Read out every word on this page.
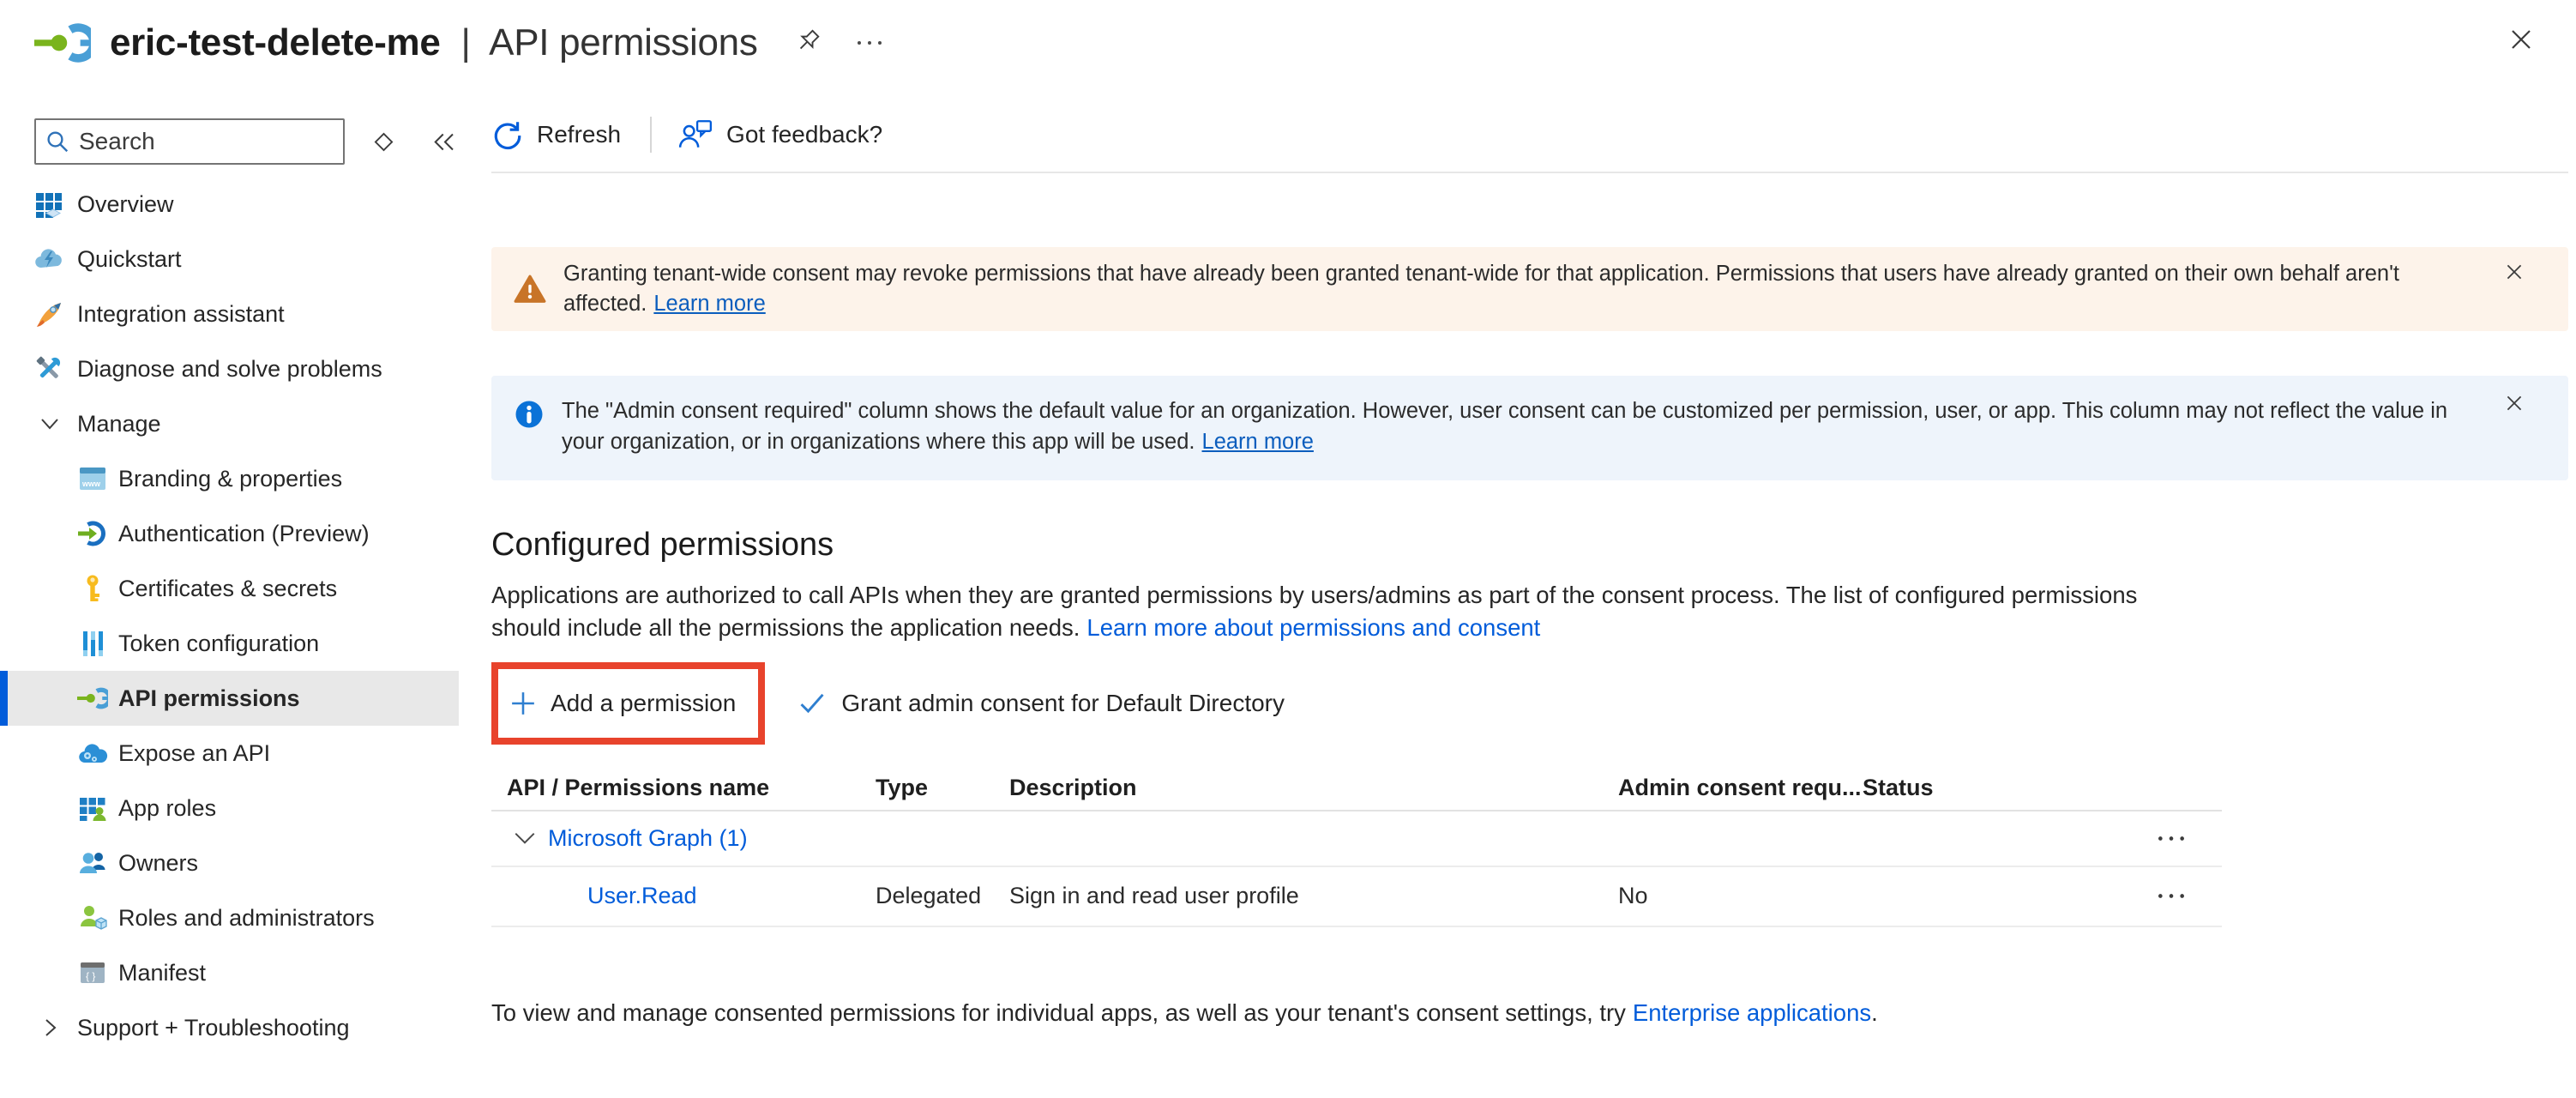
eric-test-delete-me | API permissions
Search
Overview
Quickstart
Integration assistant
Diagnose and solve problems
Manage
www Branding & properties
Authentication (Preview)
Certificates & secrets
Token configuration
API permissions
Expose an API
App roles
Owners
Roles and administrators
{ } Manifest
Support + Troubleshooting
Refresh	Got feedback?
Granting tenant-wide consent may revoke permissions that have already been granted tenant-wide for that application. Permissions that users have already granted on their own behalf aren't affected. Learn more
The "Admin consent required" column shows the default value for an organization. However, user consent can be customized per permission, user, or app. This column may not reflect the value in your organization, or in organizations where this app will be used. Learn more
Configured permissions
Applications are authorized to call APIs when they are granted permissions by users/admins as part of the consent process. The list of configured permissions should include all the permissions the application needs. Learn more about permissions and consent
Add a permission	Grant admin consent for Default Directory
API / Permissions name	Type	Description	Admin consent requ... Status
Microsoft Graph (1)
User.Read	Delegated	Sign in and read user profile	No
To view and manage consented permissions for individual apps, as well as your tenant's consent settings, try Enterprise applications.
